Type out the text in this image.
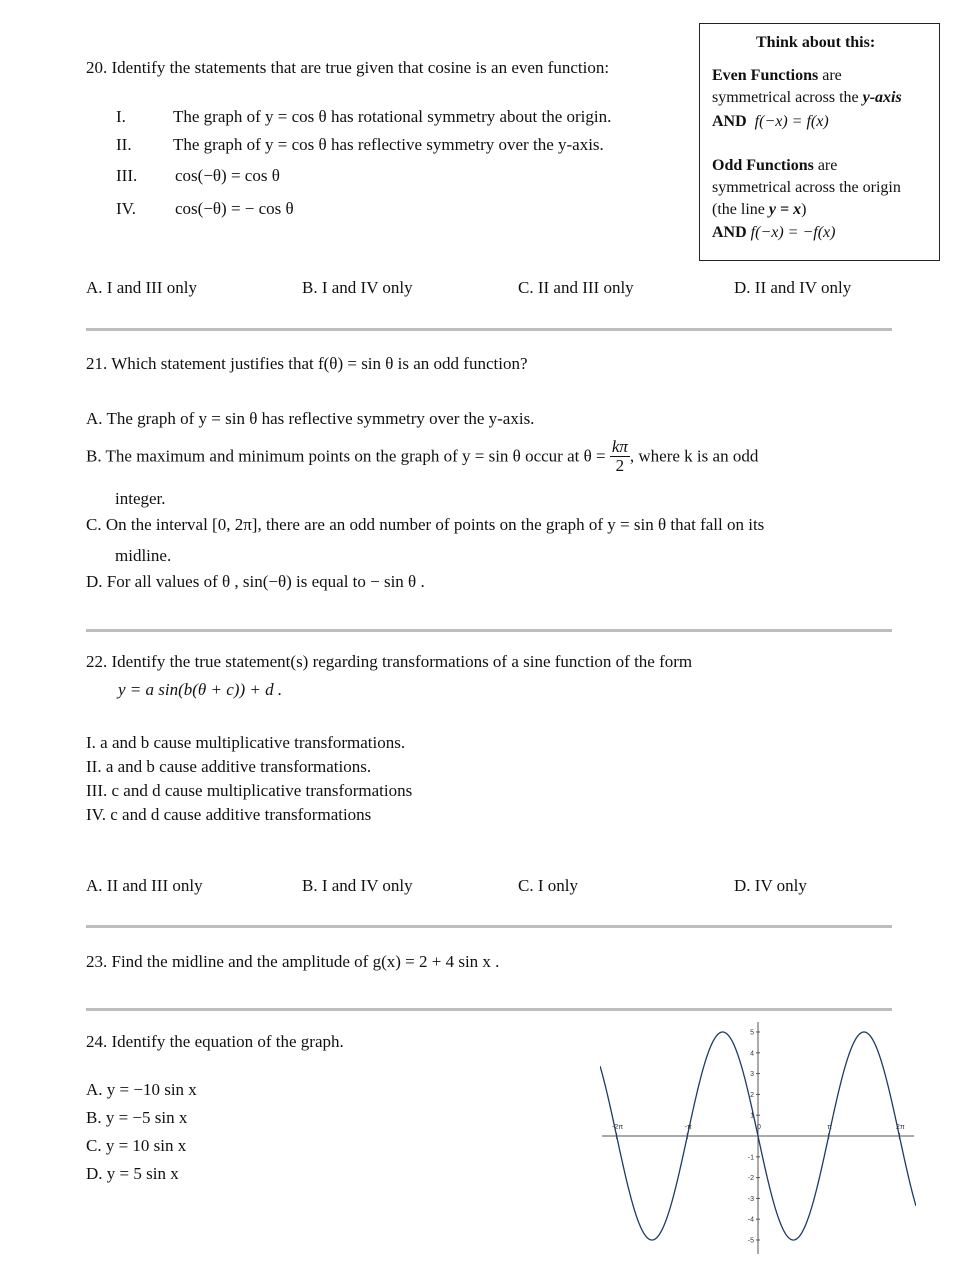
Think about this:
Even Functions are
symmetrical across the y-axis
AND f(−x) = f(x)
Odd Functions are
symmetrical across the origin
(the line y = x)
AND f(−x) = −f(x)
20. Identify the statements that are true given that cosine is an even function:
I.	The graph of y = cos θ has rotational symmetry about the origin.
II. The graph of y = cos θ has reflective symmetry over the y-axis.
III. cos(−θ) = cos θ
IV. cos(−θ) = − cos θ
A. I and III only	B. I and IV only	C. II and III only	D. II and IV only
21. Which statement justifies that f(θ) = sin θ is an odd function?
A. The graph of y = sin θ has reflective symmetry over the y-axis.
B. The maximum and minimum points on the graph of y = sin θ occur at $\theta = \frac{k\pi}{2}$ , where k is an odd
integer.
C. On the interval [0, 2π], there are an odd number of points on the graph of y = sin θ that fall on its
midline.
D. For all values of θ , sin(−θ) is equal to − sin θ .
22. Identify the true statement(s) regarding transformations of a sine function of the form
y = a sin(b(θ + c)) + d .
I. a and b cause multiplicative transformations.
II. a and b cause additive transformations.
III. c and d cause multiplicative transformations
IV. c and d cause additive transformations
A. II and III only	B. I and IV only	C. I only	D. IV only
23. Find the midline and the amplitude of g(x) = 2 + 4 sin x .
24. Identify the equation of the graph.
A. y = −10 sin x
B. y = −5 sin x
C. y = 10 sin x
D. y = 5 sin x
-2π	-π	0	π	2π
5
4
3
2
1
-1
-2
-3
-4
-5
